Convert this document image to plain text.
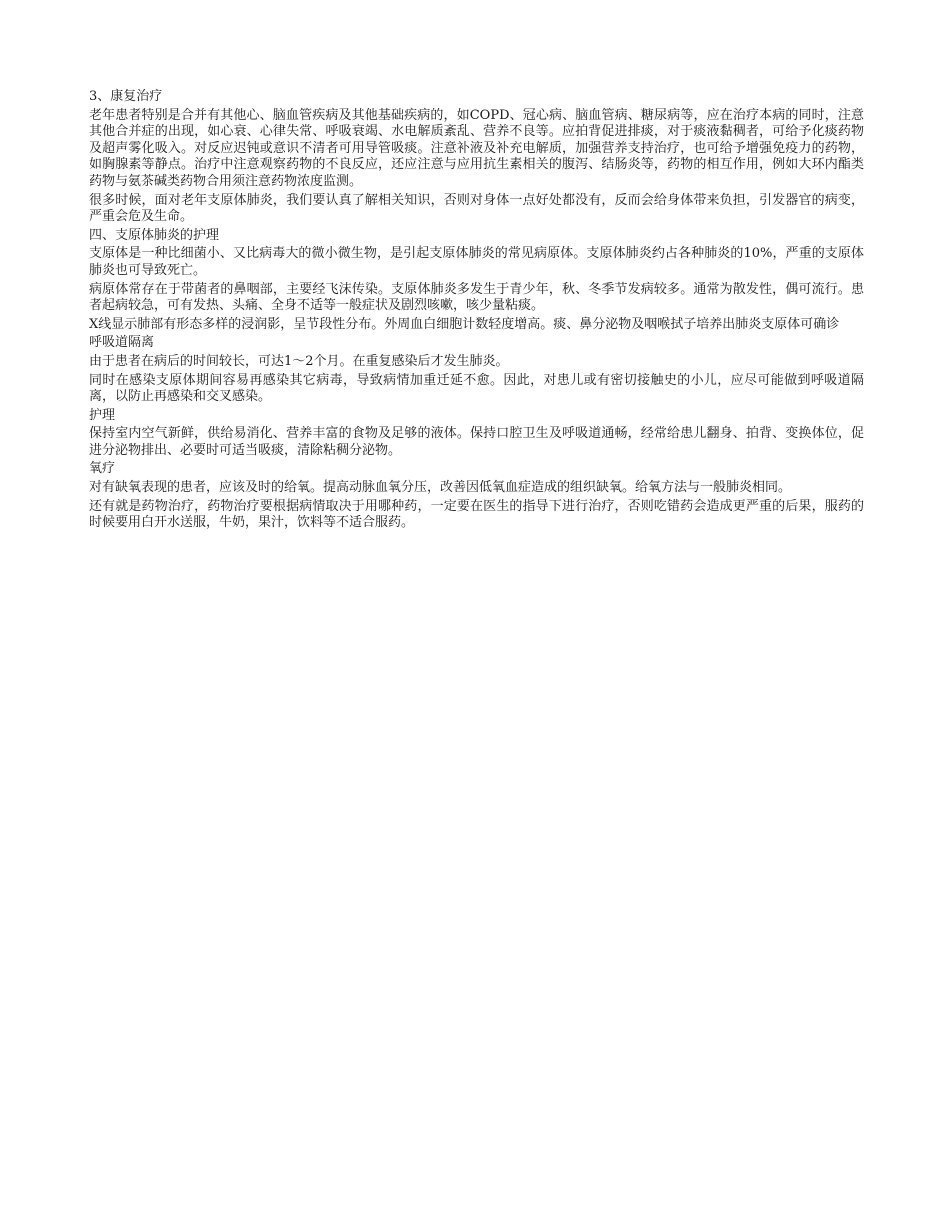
3、康复治疗

老年患者特别是合并有其他心、脑血管疾病及其他基础疾病的，如COPD、冠心病、脑血管病、糖尿病等，应在治疗本病的同时，注意其他合并症的出现，如心衰、心律失常、呼吸衰竭、水电解质紊乱、营养不良等。应拍背促进排痰，对于痰液黏稠者，可给予化痰药物及超声雾化吸入。对反应迟钝或意识不清者可用导管吸痰。注意补液及补充电解质，加强营养支持治疗，也可给予增强免疫力的药物，如胸腺素等静点。治疗中注意观察药物的不良反应，还应注意与应用抗生素相关的腹泻、结肠炎等，药物的相互作用，例如大环内酯类药物与氨茶碱类药物合用须注意药物浓度监测。

很多时候，面对老年支原体肺炎，我们要认真了解相关知识，否则对身体一点好处都没有，反而会给身体带来负担，引发器官的病变，严重会危及生命。

四、支原体肺炎的护理

支原体是一种比细菌小、又比病毒大的微小微生物，是引起支原体肺炎的常见病原体。支原体肺炎约占各种肺炎的10%，严重的支原体肺炎也可导致死亡。

病原体常存在于带菌者的鼻咽部，主要经飞沫传染。支原体肺炎多发生于青少年，秋、冬季节发病较多。通常为散发性，偶可流行。患者起病较急，可有发热、头痛、全身不适等一般症状及剧烈咳嗽，咳少量粘痰。

X线显示肺部有形态多样的浸润影，呈节段性分布。外周血白细胞计数轻度增高。痰、鼻分泌物及咽喉拭子培养出肺炎支原体可确诊

呼吸道隔离

由于患者在病后的时间较长，可达1～2个月。在重复感染后才发生肺炎。

同时在感染支原体期间容易再感染其它病毒，导致病情加重迁延不愈。因此，对患儿或有密切接触史的小儿，应尽可能做到呼吸道隔离，以防止再感染和交叉感染。

护理

保持室内空气新鲜，供给易消化、营养丰富的食物及足够的液体。保持口腔卫生及呼吸道通畅，经常给患儿翻身、拍背、变换体位，促进分泌物排出、必要时可适当吸痰，清除粘稠分泌物。

氧疗

对有缺氧表现的患者，应该及时的给氧。提高动脉血氧分压，改善因低氧血症造成的组织缺氧。给氧方法与一般肺炎相同。

还有就是药物治疗，药物治疗要根据病情取决于用哪种药，一定要在医生的指导下进行治疗，否则吃错药会造成更严重的后果，服药的时候要用白开水送服，牛奶，果汁，饮料等不适合服药。
